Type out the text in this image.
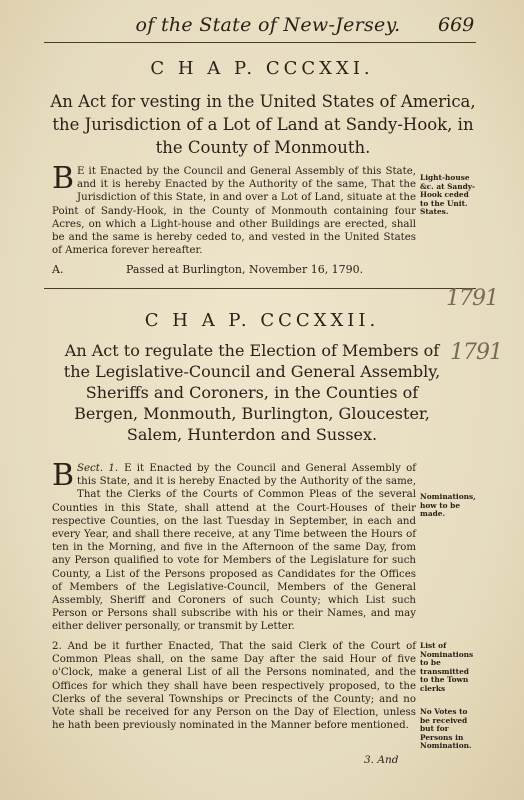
of the State of New-Jersey.	669
C H A P. CCCXXI.
An Act for vesting in the United States of America, the Jurisdiction of a Lot of Land at Sandy-Hook, in the County of Monmouth.
B E it Enacted by the Council and General Assembly of this State, and it is hereby Enacted by the Authority of the same, That the Jurisdiction of this State, in and over a Lot of Land, situate at the Point of Sandy-Hook, in the County of Monmouth containing four Acres, on which a Light-house and other Buildings are erected, shall be and the same is hereby ceded to, and vested in the United States of America forever hereafter.
Light-house &c. at Sandy-Hook ceded to the Unit. States.
A.	Passed at Burlington, November 16, 1790.
1791
1791
C H A P. CCCXXII.
An Act to regulate the Election of Members of the Legislative-Council and General Assembly, Sheriffs and Coroners, in the Counties of Bergen, Monmouth, Burlington, Gloucester, Salem, Hunterdon and Sussex.
Sect. 1.
B	E it Enacted by the Council and General Assembly of this State, and it is hereby Enacted by the Authority of the same, That the Clerks of the Courts of Common Pleas of the several Counties in this State, shall attend at the Court-Houses of their respective Counties, on the last Tuesday in September, in each and every Year, and shall there receive, at any Time between the Hours of ten in the Morning, and five in the Afternoon of the same Day, from any Person qualified to vote for Members of the Legislature for such County, a List of the Persons proposed as Candidates for the Offices of Members of the Legislative-Council, Members of the General Assembly, Sheriff and Coroners of such County; which List such Person or Persons shall subscribe with his or their Names, and may either deliver personally, or transmit by Letter.
Nominations, how to be made.
2. And be it further Enacted, That the said Clerk of the Court of Common Pleas shall, on the same Day after the said Hour of five o'Clock, make a general List of all the Persons nominated, and the Offices for which they shall have been respectively proposed, to the Clerks of the several Townships or Precincts of the County; and no Vote shall be received for any Person on the Day of Election, unless he hath been previously nominated in the Manner before mentioned.
List of Nominations to be transmitted to the Town clerks
No Votes to be received but for Persons in Nomination.
3. And
